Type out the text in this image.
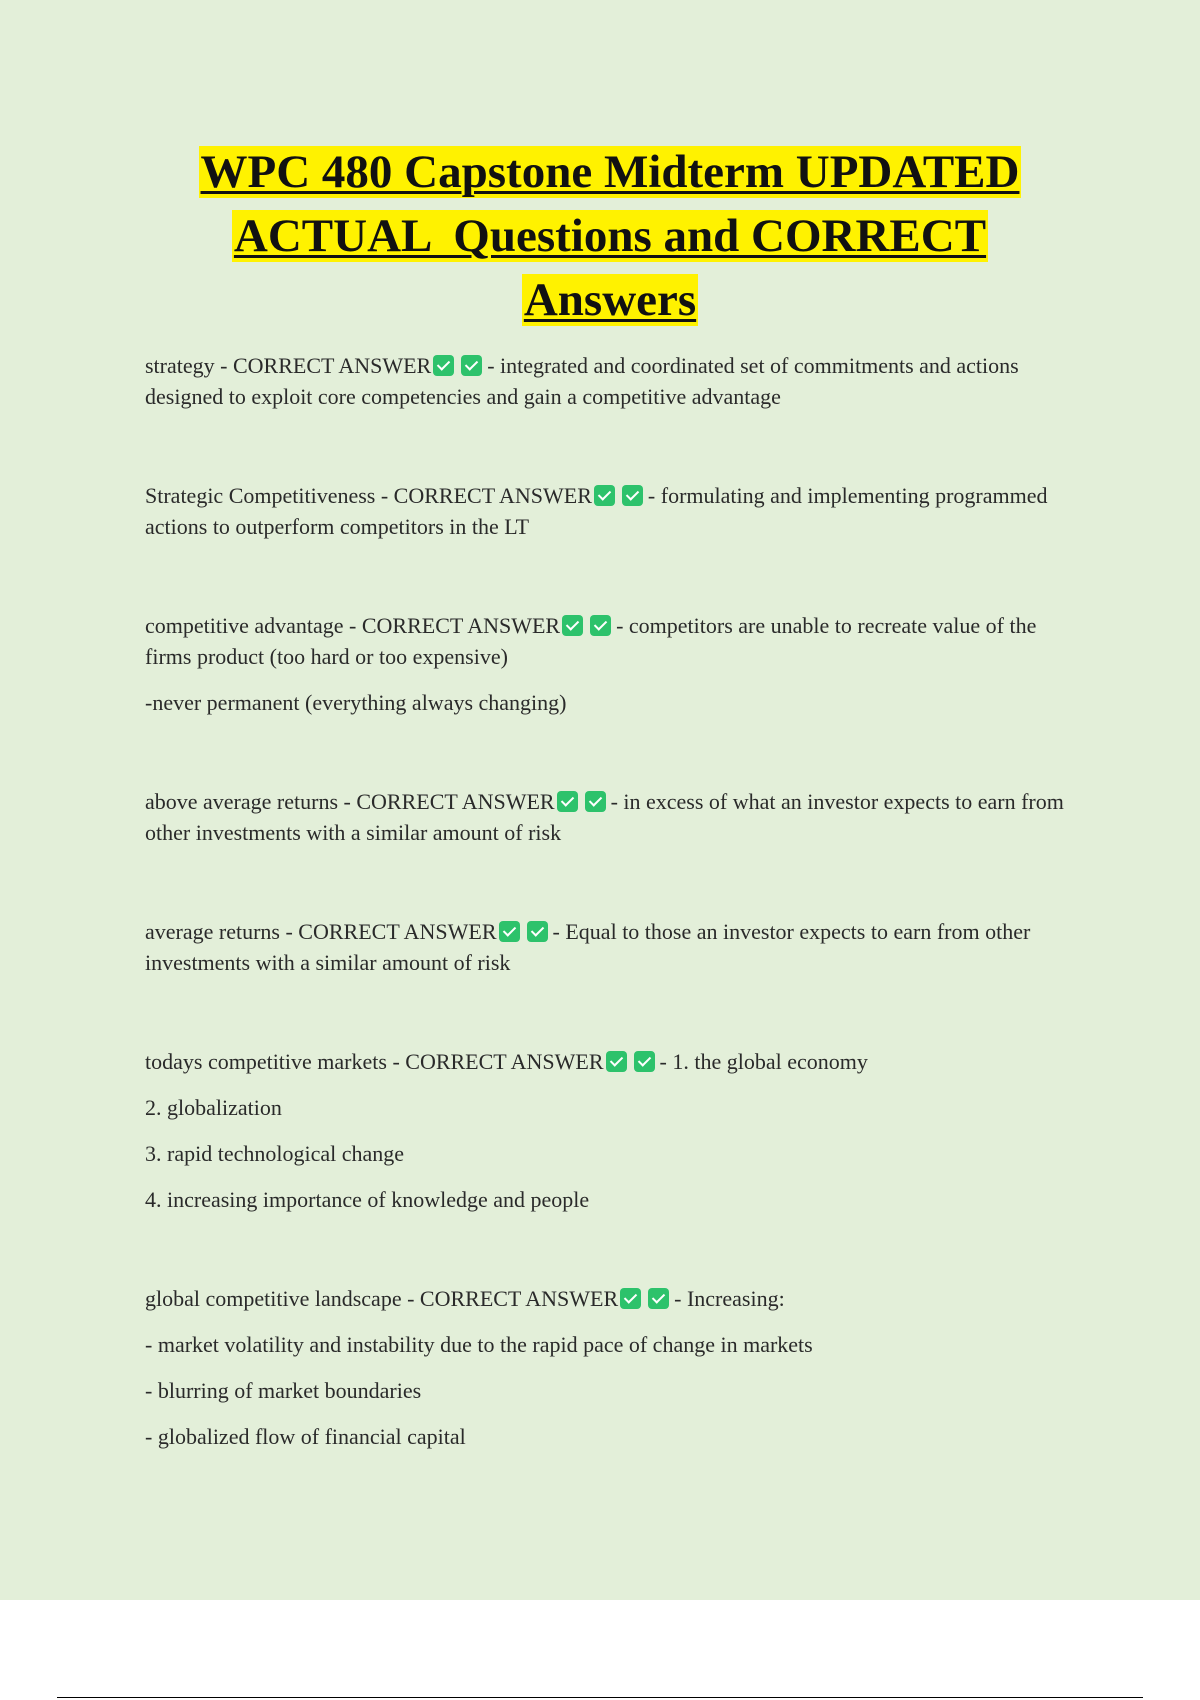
WPC 480 Capstone Midterm UPDATED
ACTUAL  Questions and CORRECT
Answers

strategy - CORRECT ANSWER	- integrated and coordinated set of commitments and actions designed to exploit core competencies and gain a competitive advantage

Strategic Competitiveness - CORRECT ANSWER	- formulating and implementing programmed actions to outperform competitors in the LT

competitive advantage - CORRECT ANSWER	- competitors are unable to recreate value of the firms product (too hard or too expensive)

-never permanent (everything always changing)

above average returns - CORRECT ANSWER	- in excess of what an investor expects to earn from other investments with a similar amount of risk

average returns - CORRECT ANSWER	- Equal to those an investor expects to earn from other investments with a similar amount of risk

todays competitive markets - CORRECT ANSWER	- 1. the global economy

2. globalization

3. rapid technological change

4. increasing importance of knowledge and people

global competitive landscape - CORRECT ANSWER	- Increasing:

- market volatility and instability due to the rapid pace of change in markets

- blurring of market boundaries

- globalized flow of financial capital
